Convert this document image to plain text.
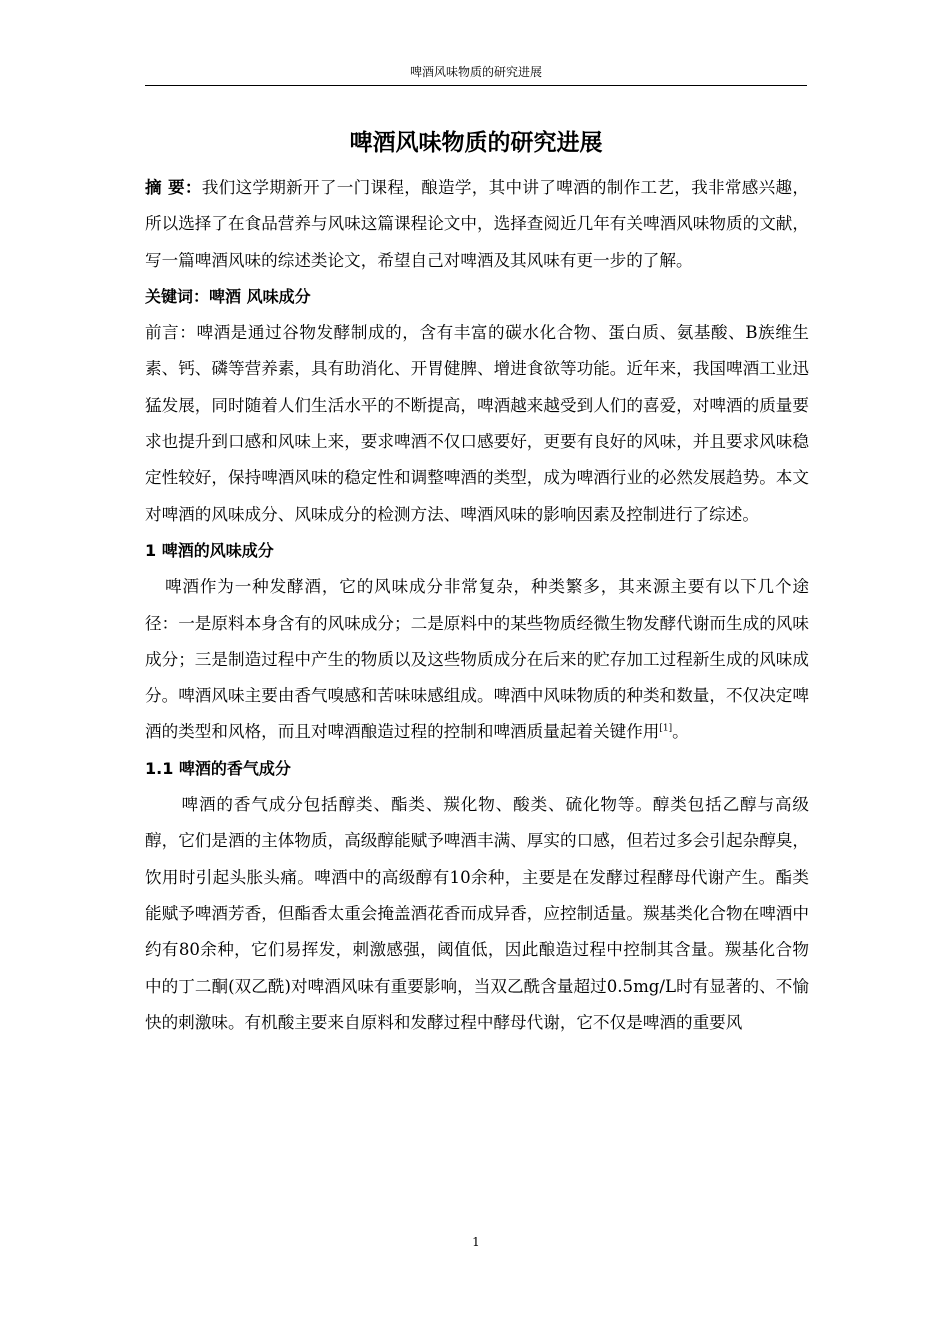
啤酒风味物质的研究进展
啤酒风味物质的研究进展

摘 要：我们这学期新开了一门课程，酿造学，其中讲了啤酒的制作工艺，我非常感兴趣，所以选择了在食品营养与风味这篇课程论文中，选择查阅近几年有关啤酒风味物质的文献，写一篇啤酒风味的综述类论文，希望自己对啤酒及其风味有更一步的了解。

关键词：啤酒 风味成分

前言：啤酒是通过谷物发酵制成的，含有丰富的碳水化合物、蛋白质、氨基酸、B族维生素、钙、磷等营养素，具有助消化、开胃健脾、增进食欲等功能。近年来，我国啤酒工业迅猛发展，同时随着人们生活水平的不断提高，啤酒越来越受到人们的喜爱，对啤酒的质量要求也提升到口感和风味上来，要求啤酒不仅口感要好，更要有良好的风味，并且要求风味稳定性较好，保持啤酒风味的稳定性和调整啤酒的类型，成为啤酒行业的必然发展趋势。本文对啤酒的风味成分、风味成分的检测方法、啤酒风味的影响因素及控制进行了综述。

1 啤酒的风味成分

啤酒作为一种发酵酒，它的风味成分非常复杂，种类繁多，其来源主要有以下几个途径：一是原料本身含有的风味成分；二是原料中的某些物质经微生物发酵代谢而生成的风味成分；三是制造过程中产生的物质以及这些物质成分在后来的贮存加工过程新生成的风味成分。啤酒风味主要由香气嗅感和苦味味感组成。啤酒中风味物质的种类和数量，不仅决定啤酒的类型和风格，而且对啤酒酿造过程的控制和啤酒质量起着关键作用[1]。

1.1 啤酒的香气成分

啤酒的香气成分包括醇类、酯类、羰化物、酸类、硫化物等。醇类包括乙醇与高级醇，它们是酒的主体物质，高级醇能赋予啤酒丰满、厚实的口感，但若过多会引起杂醇臭，饮用时引起头胀头痛。啤酒中的高级醇有10余种，主要是在发酵过程酵母代谢产生。酯类能赋予啤酒芳香，但酯香太重会掩盖酒花香而成异香，应控制适量。羰基类化合物在啤酒中约有80余种，它们易挥发，刺激感强，阈值低，因此酿造过程中控制其含量。羰基化合物中的丁二酮(双乙酰)对啤酒风味有重要影响，当双乙酰含量超过0.5mg/L时有显著的、不愉快的刺激味。有机酸主要来自原料和发酵过程中酵母代谢，它不仅是啤酒的重要风

1
